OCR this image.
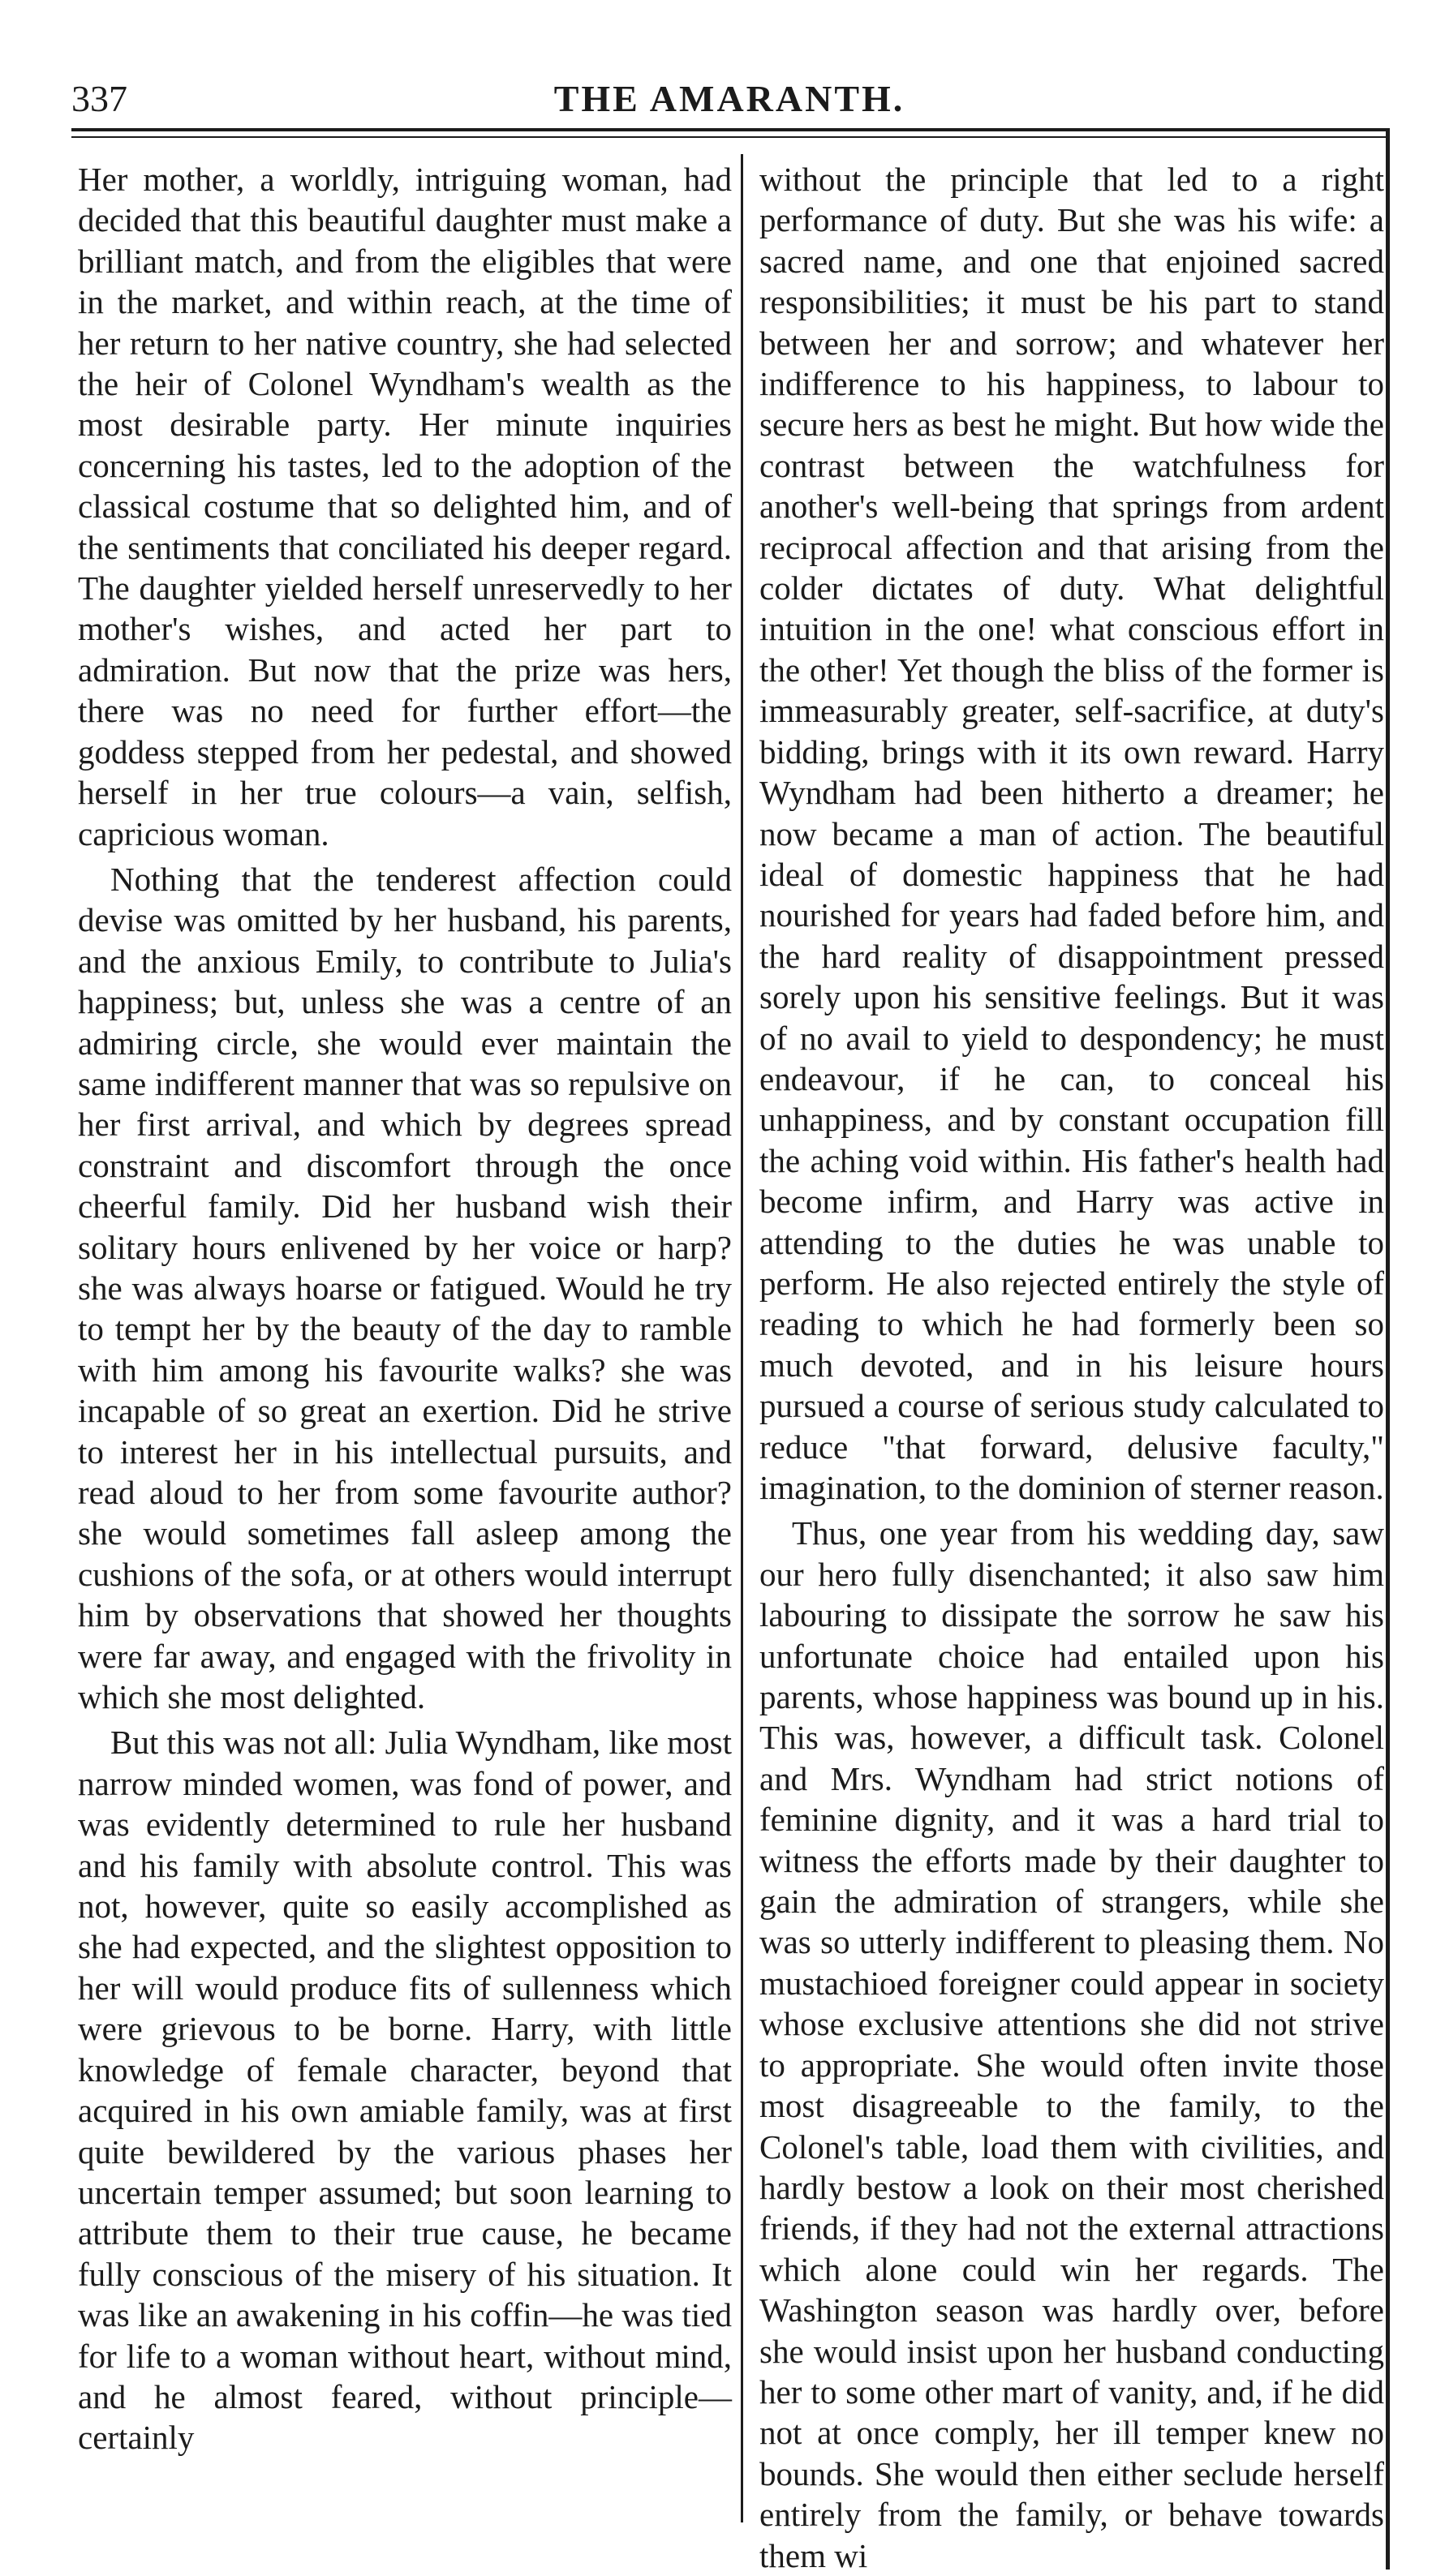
337	THE AMARANTH.

Her mother, a worldly, intriguing woman, had decided that this beautiful daughter must make a brilliant match, and from the eligibles that were in the market, and within reach, at the time of her return to her native country, she had selected the heir of Colonel Wyndham's wealth as the most desirable party. Her minute inquiries concerning his tastes, led to the adoption of the classical costume that so delighted him, and of the sentiments that conciliated his deeper regard. The daughter yielded herself unreservedly to her mother's wishes, and acted her part to admiration. But now that the prize was hers, there was no need for further effort—the goddess stepped from her pedestal, and showed herself in her true colours—a vain, selfish, capricious woman.

Nothing that the tenderest affection could devise was omitted by her husband, his parents, and the anxious Emily, to contribute to Julia's happiness; but, unless she was a centre of an admiring circle, she would ever maintain the same indifferent manner that was so repulsive on her first arrival, and which by degrees spread constraint and discomfort through the once cheerful family. Did her husband wish their solitary hours enlivened by her voice or harp? she was always hoarse or fatigued. Would he try to tempt her by the beauty of the day to ramble with him among his favourite walks? she was incapable of so great an exertion. Did he strive to interest her in his intellectual pursuits, and read aloud to her from some favourite author? she would sometimes fall asleep among the cushions of the sofa, or at others would interrupt him by observations that showed her thoughts were far away, and engaged with the frivolity in which she most delighted.

But this was not all: Julia Wyndham, like most narrow minded women, was fond of power, and was evidently determined to rule her husband and his family with absolute control. This was not, however, quite so easily accomplished as she had expected, and the slightest opposition to her will would produce fits of sullenness which were grievous to be borne. Harry, with little knowledge of female character, beyond that acquired in his own amiable family, was at first quite bewildered by the various phases her uncertain temper assumed; but soon learning to attribute them to their true cause, he became fully conscious of the misery of his situation. It was like an awakening in his coffin—he was tied for life to a woman without heart, without mind, and he almost feared, without principle—certainly

without the principle that led to a right performance of duty. But she was his wife: a sacred name, and one that enjoined sacred responsibilities; it must be his part to stand between her and sorrow; and whatever her indifference to his happiness, to labour to secure hers as best he might. But how wide the contrast between the watchfulness for another's well-being that springs from ardent reciprocal affection and that arising from the colder dictates of duty. What delightful intuition in the one! what conscious effort in the other! Yet though the bliss of the former is immeasurably greater, self-sacrifice, at duty's bidding, brings with it its own reward. Harry Wyndham had been hitherto a dreamer; he now became a man of action. The beautiful ideal of domestic happiness that he had nourished for years had faded before him, and the hard reality of disappointment pressed sorely upon his sensitive feelings. But it was of no avail to yield to despondency; he must endeavour, if he can, to conceal his unhappiness, and by constant occupation fill the aching void within. His father's health had become infirm, and Harry was active in attending to the duties he was unable to perform. He also rejected entirely the style of reading to which he had formerly been so much devoted, and in his leisure hours pursued a course of serious study calculated to reduce "that forward, delusive faculty," imagination, to the dominion of sterner reason.

Thus, one year from his wedding day, saw our hero fully disenchanted; it also saw him labouring to dissipate the sorrow he saw his unfortunate choice had entailed upon his parents, whose happiness was bound up in his. This was, however, a difficult task. Colonel and Mrs. Wyndham had strict notions of feminine dignity, and it was a hard trial to witness the efforts made by their daughter to gain the admiration of strangers, while she was so utterly indifferent to pleasing them. No mustachioed foreigner could appear in society whose exclusive attentions she did not strive to appropriate. She would often invite those most disagreeable to the family, to the Colonel's table, load them with civilities, and hardly bestow a look on their most cherished friends, if they had not the external attractions which alone could win her regards. The Washington season was hardly over, before she would insist upon her husband conducting her to some other mart of vanity, and, if he did not at once comply, her ill temper knew no bounds. She would then either seclude herself entirely from the family, or behave towards them wi
